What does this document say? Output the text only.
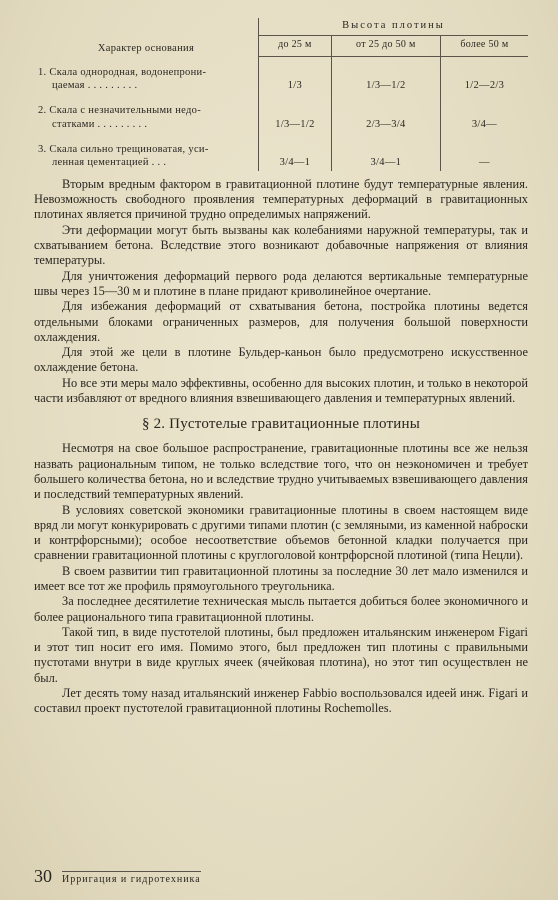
Характер основания	Высота плотины		
	до 25 м	от 25 до 50 м	более 50 м

1. Скала однородная, водонепрони-
цаемая . . . . . . . . .	1/3	1/3—1/2	1/2—2/3

2. Скала с незначительными недо-
статками . . . . . . . . .	1/3—1/2	2/3—3/4	3/4—

3. Скала сильно трещиноватая, уси-
ленная цементацией . . .	3/4—1	3/4—1	—

Вторым вредным фактором в гравитационной плотине будут температурные явления. Невозможность свободного проявления температурных деформаций в гравитационных плотинах является причиной трудно определимых напряжений.

Эти деформации могут быть вызваны как колебаниями наружной температуры, так и схватыванием бетона. Вследствие этого возникают добавочные напряжения от влияния температуры.

Для уничтожения деформаций первого рода делаются вертикальные температурные швы через 15—30 м и плотине в плане придают криволинейное очертание.

Для избежания деформаций от схватывания бетона, постройка плотины ведется отдельными блоками ограниченных размеров, для получения большой поверхности охлаждения.

Для этой же цели в плотине Бульдер-каньон было предусмотрено искусственное охлаждение бетона.

Но все эти меры мало эффективны, особенно для высоких плотин, и только в некоторой части избавляют от вредного влияния взвешивающего давления и температурных явлений.

§ 2. Пустотелые гравитационные плотины

Несмотря на свое большое распространение, гравитационные плотины все же нельзя назвать рациональным типом, не только вследствие того, что он неэкономичен и требует большего количества бетона, но и вследствие трудно учитываемых взвешивающего давления и последствий температурных явлений.

В условиях советской экономики гравитационные плотины в своем настоящем виде вряд ли могут конкурировать с другими типами плотин (с земляными, из каменной наброски и контрфорсными); особое несоответствие объемов бетонной кладки получается при сравнении гравитационной плотины с круглоголовой контрфорсной плотиной (типа Нецли).

В своем развитии тип гравитационной плотины за последние 30 лет мало изменился и имеет все тот же профиль прямоугольного треугольника.

За последнее десятилетие техническая мысль пытается добиться более экономичного и более рационального типа гравитационной плотины.

Такой тип, в виде пустотелой плотины, был предложен итальянским инженером Figari и этот тип носит его имя. Помимо этого, был предложен тип плотины с правильными пустотами внутри в виде круглых ячеек (ячейковая плотина), но этот тип осуществлен не был.

Лет десять тому назад итальянский инженер Fabbio воспользовался идеей инж. Figari и составил проект пустотелой гравитационной плотины Rochemolles.

30 Ирригация и гидротехника
